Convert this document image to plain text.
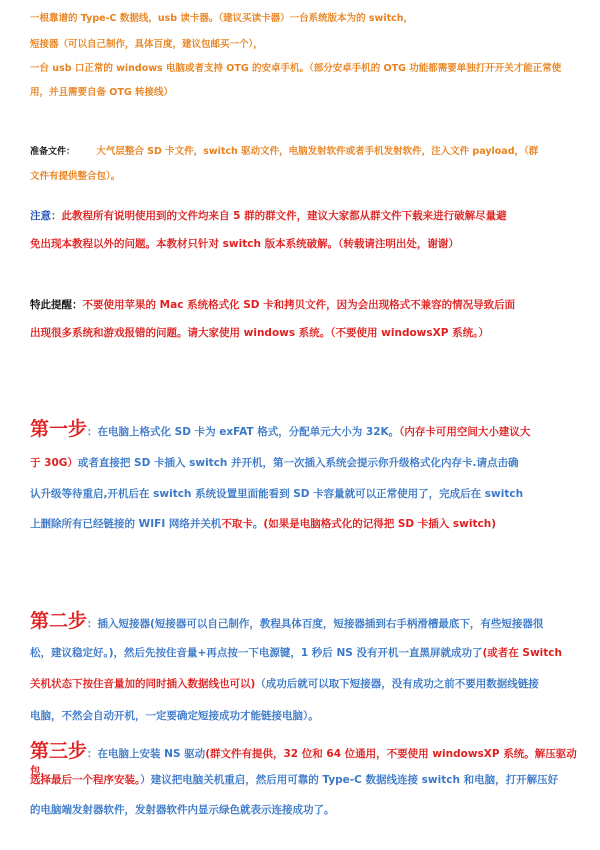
一根靠谱的 Type-C 数据线，usb 读卡器。（建议买读卡器）一台系统版本为的 switch，
短接器（可以自己制作，具体百度，建议包邮买一个），
一台 usb 口正常的 windows 电脑或者支持 OTG 的安卓手机。（部分安卓手机的 OTG 功能都需要单独打开开关才能正常使
用，并且需要自备 OTG 转接线）
准备文件： 大气层整合 SD 卡文件，switch 驱动文件，电脑发射软件或者手机发射软件，注入文件 payload，（群
文件有提供整合包）。
注意：此教程所有说明使用到的文件均来自 5 群的群文件，建议大家都从群文件下载来进行破解尽量避
免出现本教程以外的问题。本教材只针对 switch 版本系统破解。（转载请注明出处，谢谢）
特此提醒：不要使用苹果的 Mac 系统格式化 SD 卡和拷贝文件，因为会出现格式不兼容的情况导致后面
出现很多系统和游戏报错的问题。请大家使用 windows 系统。（不要使用 windowsXP 系统。）
第一步：在电脑上格式化 SD 卡为 exFAT 格式，分配单元大小为 32K。（内存卡可用空间大小建议大
于 30G）或者直接把 SD 卡插入 switch 并开机，第一次插入系统会提示你升级格式化内存卡.请点击确
认升级等待重启,开机后在 switch 系统设置里面能看到 SD 卡容量就可以正常使用了，完成后在 switch
上删除所有已经链接的 WIFI 网络并关机不取卡。(如果是电脑格式化的记得把 SD 卡插入 switch)
第二步：插入短接器(短接器可以自己制作，教程具体百度，短接器插到右手柄滑槽最底下，有些短接器很
松，建议稳定好。)，然后先按住音量+再点按一下电源键，1 秒后 NS 没有开机一直黑屏就成功了(或者在 Switch
关机状态下按住音量加的同时插入数据线也可以)（成功后就可以取下短接器，没有成功之前不要用数据线链接
电脑，不然会自动开机，一定要确定短接成功才能链接电脑）。
第三步：在电脑上安装 NS 驱动(群文件有提供，32 位和 64 位通用，不要使用 windowsXP 系统。解压驱动包，
选择最后一个程序安装。）建议把电脑关机重启，然后用可靠的 Type-C 数据线连接 switch 和电脑，打开解压好
的电脑端发射器软件，发射器软件内显示绿色就表示连接成功了。
